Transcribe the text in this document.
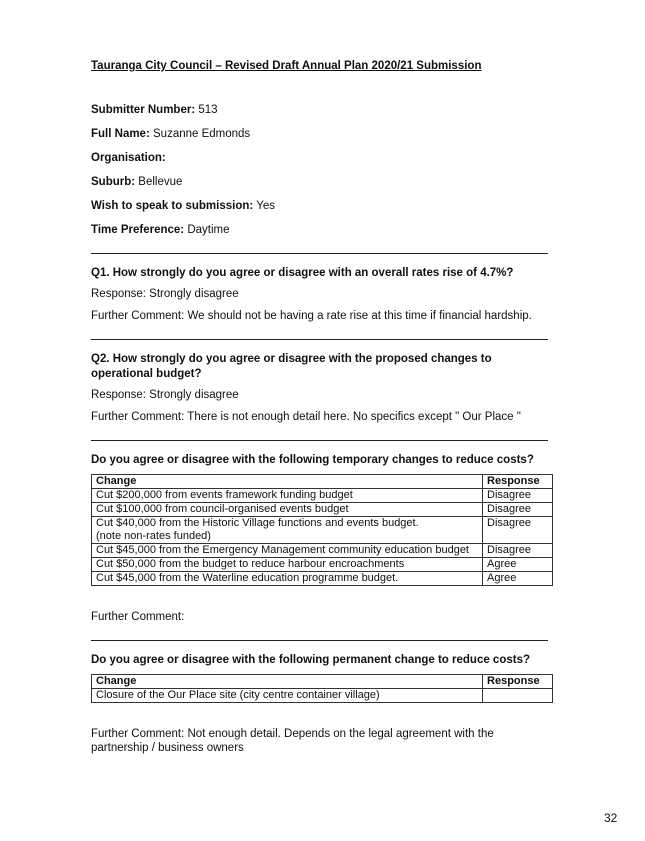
Tauranga City Council – Revised Draft Annual Plan 2020/21 Submission
Submitter Number: 513
Full Name: Suzanne Edmonds
Organisation:
Suburb: Bellevue
Wish to speak to submission: Yes
Time Preference: Daytime
Q1. How strongly do you agree or disagree with an overall rates rise of 4.7%?
Response: Strongly disagree
Further Comment: We should not be having a rate rise at this time if financial hardship.
Q2. How strongly do you agree or disagree with the proposed changes to operational budget?
Response: Strongly disagree
Further Comment: There is not enough detail here. No specifics except " Our Place "
Do you agree or disagree with the following temporary changes to reduce costs?
Change	Response
Cut $200,000 from events framework funding budget	Disagree
Cut $100,000 from council-organised events budget	Disagree

Cut $40,000 from the Historic Village functions and events budget.
(note non-rates funded)	Disagree
Cut $45,000 from the Emergency Management community education budget	Disagree
Cut $50,000 from the budget to reduce harbour encroachments	Agree
Cut $45,000 from the Waterline education programme budget.	Agree
Further Comment:
Do you agree or disagree with the following permanent change to reduce costs?
Change	Response
Closure of the Our Place site (city centre container village)	
Further Comment: Not enough detail. Depends on the legal agreement with the partnership / business owners
32
